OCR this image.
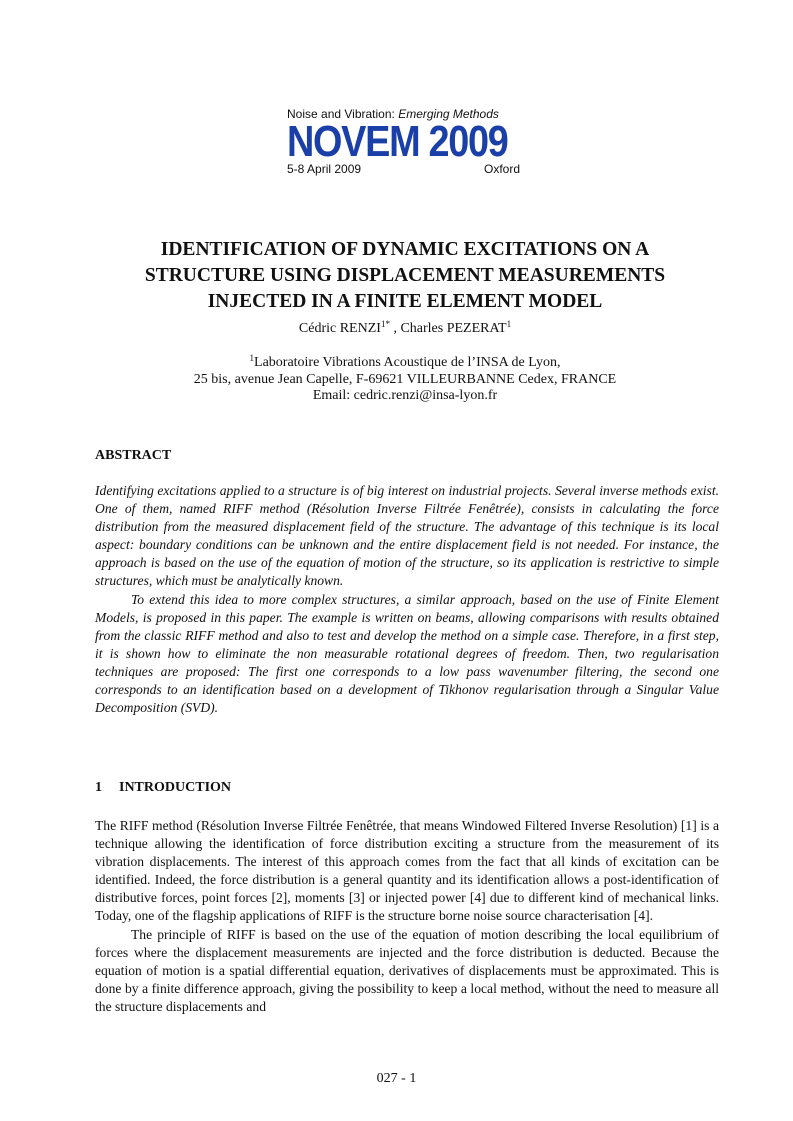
Noise and Vibration: Emerging Methods
NOVEM 2009
5-8 April 2009	Oxford
IDENTIFICATION OF DYNAMIC EXCITATIONS ON A
STRUCTURE USING DISPLACEMENT MEASUREMENTS
INJECTED IN A FINITE ELEMENT MODEL
Cédric $RENZI^{1*}$ , Charles PEZERAT$^1$
$^1$Laboratoire Vibrations Acoustique de l’INSA de Lyon,
25 bis, avenue Jean Capelle, F-69621 VILLEURBANNE Cedex, FRANCE
Email: cedric.renzi@insa-lyon.fr
ABSTRACT

Identifying excitations applied to a structure is of big interest on industrial projects. Several inverse methods exist. One of them, named RIFF method (Résolution Inverse Filtrée Fenêtrée), consists in calculating the force distribution from the measured displacement field of the structure. The advantage of this technique is its local aspect: boundary conditions can be unknown and the entire displacement field is not needed. For instance, the approach is based on the use of the equation of motion of the structure, so its application is restrictive to simple structures, which must be analytically known.

To extend this idea to more complex structures, a similar approach, based on the use of Finite Element Models, is proposed in this paper. The example is written on beams, allowing comparisons with results obtained from the classic RIFF method and also to test and develop the method on a simple case. Therefore, in a first step, it is shown how to eliminate the non measurable rotational degrees of freedom. Then, two regularisation techniques are proposed: The first one corresponds to a low pass wavenumber filtering, the second one corresponds to an identification based on a development of Tikhonov regularisation through a Singular Value Decomposition (SVD).

1 INTRODUCTION

The RIFF method (Résolution Inverse Filtrée Fenêtrée, that means Windowed Filtered Inverse Resolution) [1] is a technique allowing the identification of force distribution exciting a structure from the measurement of its vibration displacements. The interest of this approach comes from the fact that all kinds of excitation can be identified. Indeed, the force distribution is a general quantity and its identification allows a post-identification of distributive forces, point forces [2], moments [3] or injected power [4] due to different kind of mechanical links. Today, one of the flagship applications of RIFF is the structure borne noise source characterisation [4].

The principle of RIFF is based on the use of the equation of motion describing the local equilibrium of forces where the displacement measurements are injected and the force distribution is deducted. Because the equation of motion is a spatial differential equation, derivatives of displacements must be approximated. This is done by a finite difference approach, giving the possibility to keep a local method, without the need to measure all the structure displacements and

027 - 1
